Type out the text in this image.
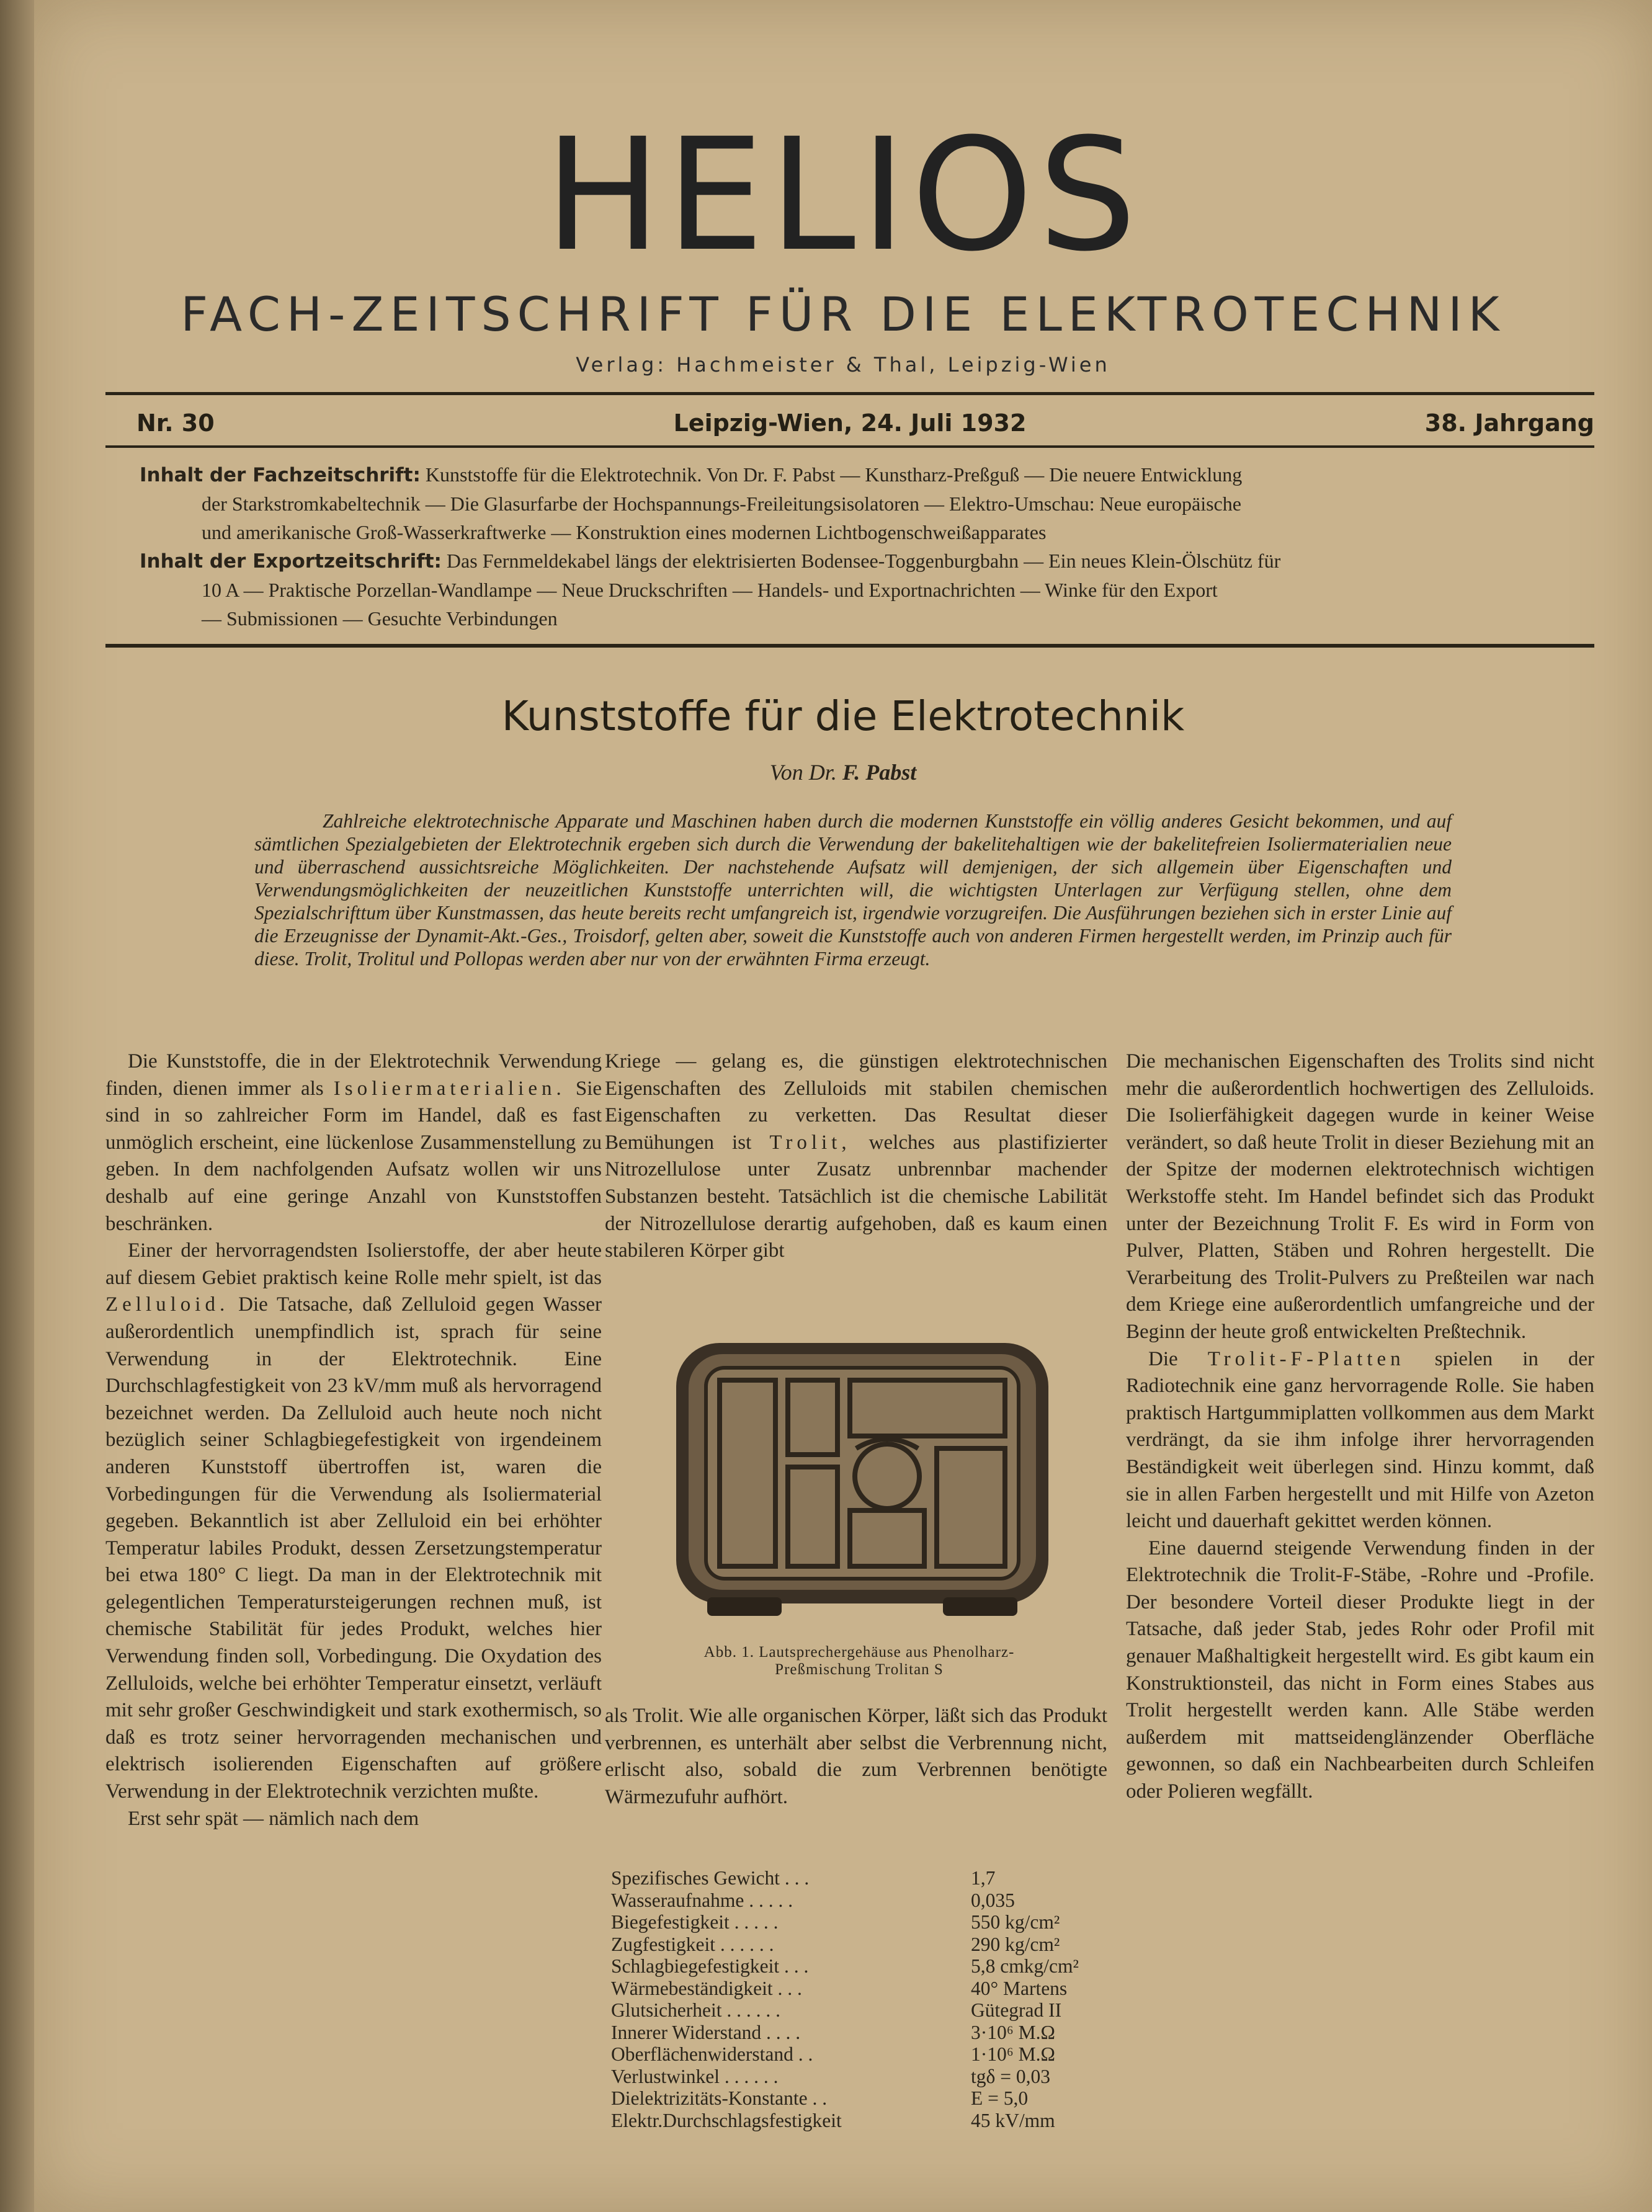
HELIOS
FACH-ZEITSCHRIFT FÜR DIE ELEKTROTECHNIK
Verlag: Hachmeister & Thal, Leipzig-Wien
Nr. 30	Leipzig-Wien, 24. Juli 1932	38. Jahrgang
Inhalt der Fachzeitschrift: Kunststoffe für die Elektrotechnik. Von Dr. F. Pabst — Kunstharz-Preßguß — Die neuere Entwicklung
der Starkstromkabeltechnik — Die Glasurfarbe der Hochspannungs-Freileitungsisolatoren — Elektro-Umschau: Neue europäische
und amerikanische Groß-Wasserkraftwerke — Konstruktion eines modernen Lichtbogenschweißapparates
Inhalt der Exportzeitschrift: Das Fernmeldekabel längs der elektrisierten Bodensee-Toggenburgbahn — Ein neues Klein-Ölschütz für
10 A — Praktische Porzellan-Wandlampe — Neue Druckschriften — Handels- und Exportnachrichten — Winke für den Export
— Submissionen — Gesuchte Verbindungen
Kunststoffe für die Elektrotechnik
Von Dr. F. Pabst
Zahlreiche elektrotechnische Apparate und Maschinen haben durch die modernen Kunststoffe ein völlig anderes Gesicht bekommen, und auf sämtlichen Spezialgebieten der Elektrotechnik ergeben sich durch die Verwendung der bakelitehaltigen wie der bakelitefreien Isoliermaterialien neue und überraschend aussichtsreiche Möglichkeiten. Der nachstehende Aufsatz will demjenigen, der sich allgemein über Eigenschaften und Verwendungsmöglichkeiten der neuzeitlichen Kunststoffe unterrichten will, die wichtigsten Unterlagen zur Verfügung stellen, ohne dem Spezialschrifttum über Kunstmassen, das heute bereits recht umfangreich ist, irgendwie vorzugreifen. Die Ausführungen beziehen sich in erster Linie auf die Erzeugnisse der Dynamit-Akt.-Ges., Troisdorf, gelten aber, soweit die Kunststoffe auch von anderen Firmen hergestellt werden, im Prinzip auch für diese. Trolit, Trolitul und Pollopas werden aber nur von der erwähnten Firma erzeugt.

Die Kunststoffe, die in der Elektrotechnik Verwendung finden, dienen immer als Isoliermaterialien. Sie sind in so zahlreicher Form im Handel, daß es fast unmöglich erscheint, eine lückenlose Zusammenstellung zu geben. In dem nachfolgenden Aufsatz wollen wir uns deshalb auf eine geringe Anzahl von Kunststoffen beschränken.

Einer der hervorragendsten Isolierstoffe, der aber heute auf diesem Gebiet praktisch keine Rolle mehr spielt, ist das Zelluloid. Die Tatsache, daß Zelluloid gegen Wasser außerordentlich unempfindlich ist, sprach für seine Verwendung in der Elektrotechnik. Eine Durchschlagfestigkeit von 23 kV/mm muß als hervorragend bezeichnet werden. Da Zelluloid auch heute noch nicht bezüglich seiner Schlagbiegefestigkeit von irgendeinem anderen Kunststoff übertroffen ist, waren die Vorbedingungen für die Verwendung als Isoliermaterial gegeben. Bekanntlich ist aber Zelluloid ein bei erhöhter Temperatur labiles Produkt, dessen Zersetzungstemperatur bei etwa 180° C liegt. Da man in der Elektrotechnik mit gelegentlichen Temperatursteigerungen rechnen muß, ist chemische Stabilität für jedes Produkt, welches hier Verwendung finden soll, Vorbedingung. Die Oxydation des Zelluloids, welche bei erhöhter Temperatur einsetzt, verläuft mit sehr großer Geschwindigkeit und stark exothermisch, so daß es trotz seiner hervorragenden mechanischen und elektrisch isolierenden Eigenschaften auf größere Verwendung in der Elektrotechnik verzichten mußte.

Erst sehr spät — nämlich nach dem

Kriege — gelang es, die günstigen elektrotechnischen Eigenschaften des Zelluloids mit stabilen chemischen Eigenschaften zu verketten. Das Resultat dieser Bemühungen ist Trolit, welches aus plastifizierter Nitrozellulose unter Zusatz unbrennbar machender Substanzen besteht. Tatsächlich ist die chemische Labilität der Nitrozellulose derartig aufgehoben, daß es kaum einen stabileren Körper gibt

Abb. 1. Lautsprechergehäuse aus Phenolharz-
Preßmischung Trolitan S

als Trolit. Wie alle organischen Körper, läßt sich das Produkt verbrennen, es unterhält aber selbst die Verbrennung nicht, erlischt also, sobald die zum Verbrennen benötigte Wärmezufuhr aufhört.

Spezifisches Gewicht . . .	1,7
Wasseraufnahme . . . . .	0,035
Biegefestigkeit . . . . .	550 kg/cm²
Zugfestigkeit . . . . . .	290 kg/cm²
Schlagbiegefestigkeit . . .	5,8 cmkg/cm²
Wärmebeständigkeit . . .	40° Martens
Glutsicherheit . . . . . .	Gütegrad II
Innerer Widerstand . . . .	3·10⁶ M.Ω
Oberflächenwiderstand . .	1·10⁶ M.Ω
Verlustwinkel . . . . . .	tgδ = 0,03
Dielektrizitäts-Konstante . .	E = 5,0
Elektr.Durchschlagsfestigkeit	45 kV/mm

Die mechanischen Eigenschaften des Trolits sind nicht mehr die außerordentlich hochwertigen des Zelluloids. Die Isolierfähigkeit dagegen wurde in keiner Weise verändert, so daß heute Trolit in dieser Beziehung mit an der Spitze der modernen elektrotechnisch wichtigen Werkstoffe steht. Im Handel befindet sich das Produkt unter der Bezeichnung Trolit F. Es wird in Form von Pulver, Platten, Stäben und Rohren hergestellt. Die Verarbeitung des Trolit-Pulvers zu Preßteilen war nach dem Kriege eine außerordentlich umfangreiche und der Beginn der heute groß entwickelten Preßtechnik.

Die Trolit-F-Platten spielen in der Radiotechnik eine ganz hervorragende Rolle. Sie haben praktisch Hartgummiplatten vollkommen aus dem Markt verdrängt, da sie ihm infolge ihrer hervorragenden Beständigkeit weit überlegen sind. Hinzu kommt, daß sie in allen Farben hergestellt und mit Hilfe von Azeton leicht und dauerhaft gekittet werden können.

Eine dauernd steigende Verwendung finden in der Elektrotechnik die Trolit-F-Stäbe, -Rohre und -Profile. Der besondere Vorteil dieser Produkte liegt in der Tatsache, daß jeder Stab, jedes Rohr oder Profil mit genauer Maßhaltigkeit hergestellt wird. Es gibt kaum ein Konstruktionsteil, das nicht in Form eines Stabes aus Trolit hergestellt werden kann. Alle Stäbe werden außerdem mit mattseidenglänzender Oberfläche gewonnen, so daß ein Nachbearbeiten durch Schleifen oder Polieren wegfällt.
